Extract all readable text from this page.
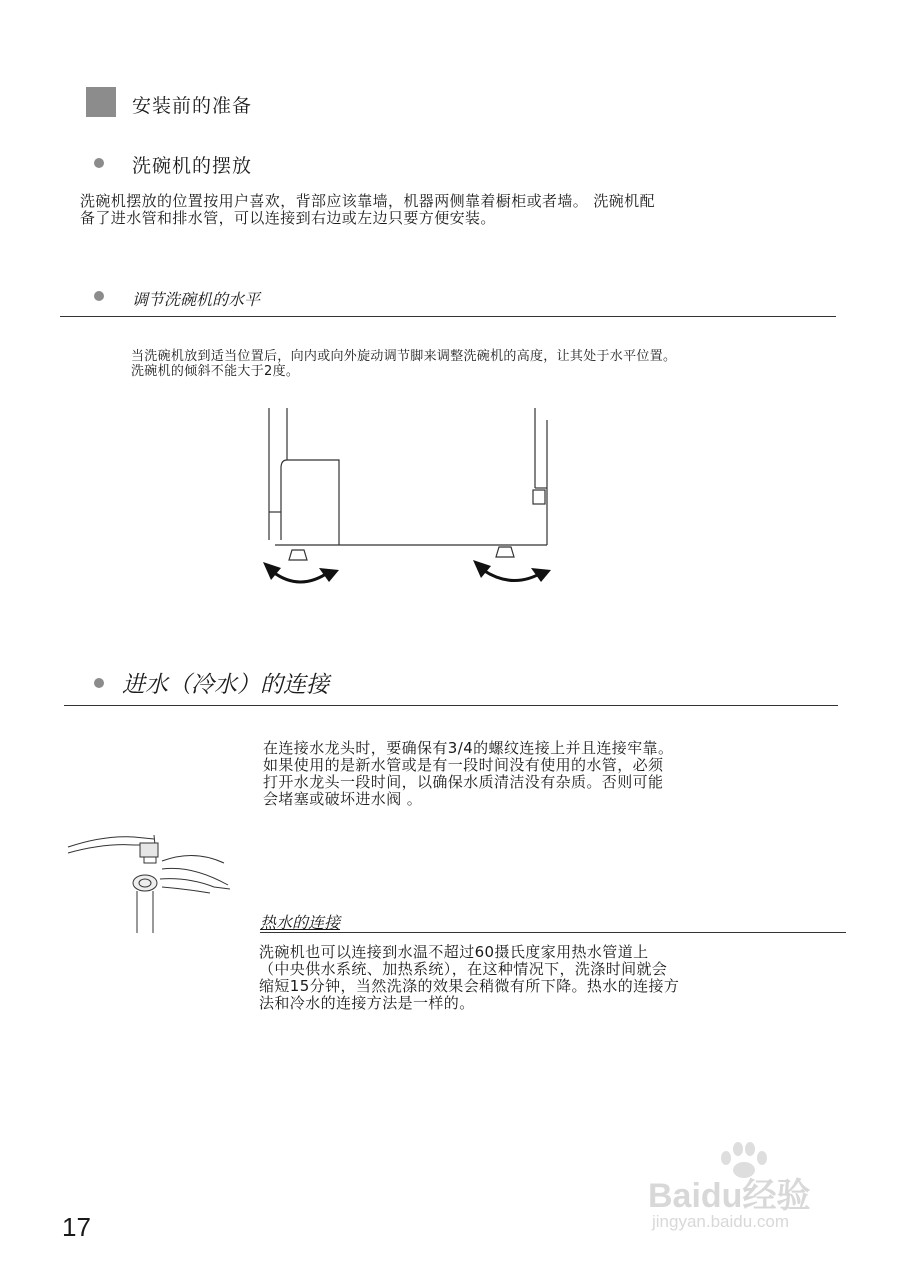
安装前的准备
洗碗机的摆放
洗碗机摆放的位置按用户喜欢，背部应该靠墙，机器两侧靠着橱柜或者墙。 洗碗机配
备了进水管和排水管，可以连接到右边或左边只要方便安装。
调节洗碗机的水平
当洗碗机放到适当位置后，向内或向外旋动调节脚来调整洗碗机的高度，让其处于水平位置。
洗碗机的倾斜不能大于2度。
进水（冷水）的连接
在连接水龙头时，要确保有3/4的螺纹连接上并且连接牢靠。
如果使用的是新水管或是有一段时间没有使用的水管，必须
打开水龙头一段时间，以确保水质清洁没有杂质。否则可能
会堵塞或破坏进水阀 。
热水的连接
洗碗机也可以连接到水温不超过60摄氏度家用热水管道上
（中央供水系统、加热系统），在这种情况下，洗涤时间就会
缩短15分钟，当然洗涤的效果会稍微有所下降。热水的连接方
法和冷水的连接方法是一样的。
17
Baidu经验
jingyan.baidu.com
